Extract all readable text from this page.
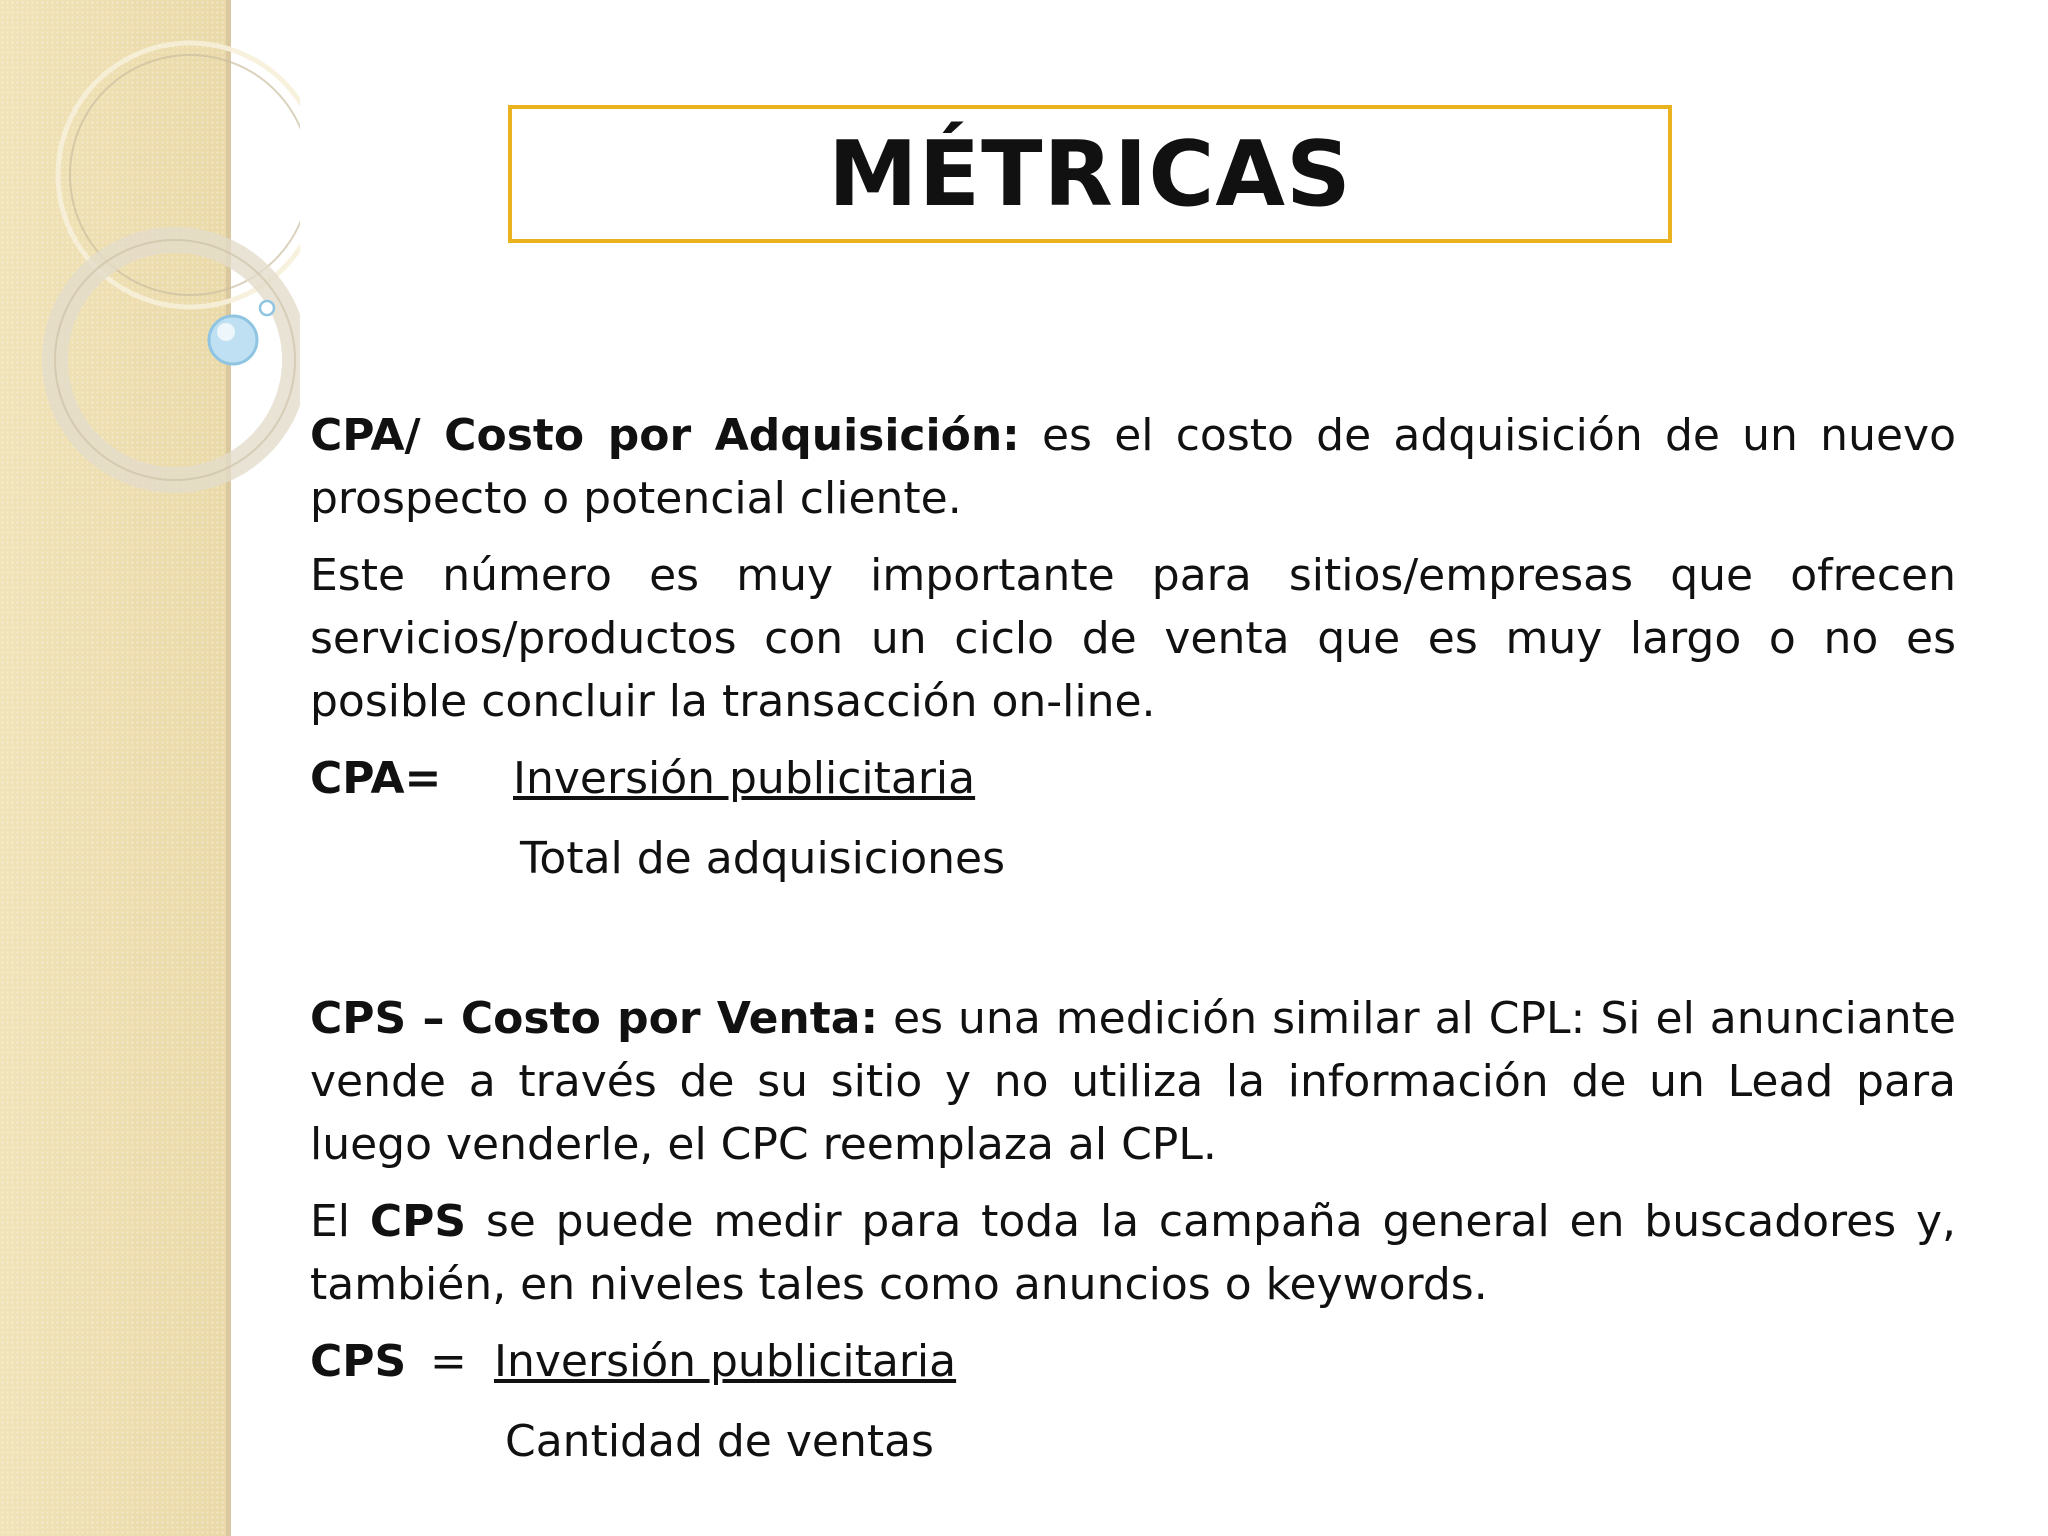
MÉTRICAS

CPA/ Costo por Adquisición: es el costo de adquisición de un nuevo prospecto o potencial cliente.

Este número es muy importante para sitios/empresas que ofrecen servicios/productos con un ciclo de venta que es muy largo o no es posible concluir la transacción on-line.

CPA= Inversión publicitaria
Total de adquisiciones

CPS – Costo por Venta: es una medición similar al CPL: Si el anunciante vende a través de su sitio y no utiliza la información de un Lead para luego venderle, el CPC reemplaza al CPL.

El CPS se puede medir para toda la campaña general en buscadores y, también, en niveles tales como anuncios o keywords.

CPS = Inversión publicitaria
Cantidad de ventas
